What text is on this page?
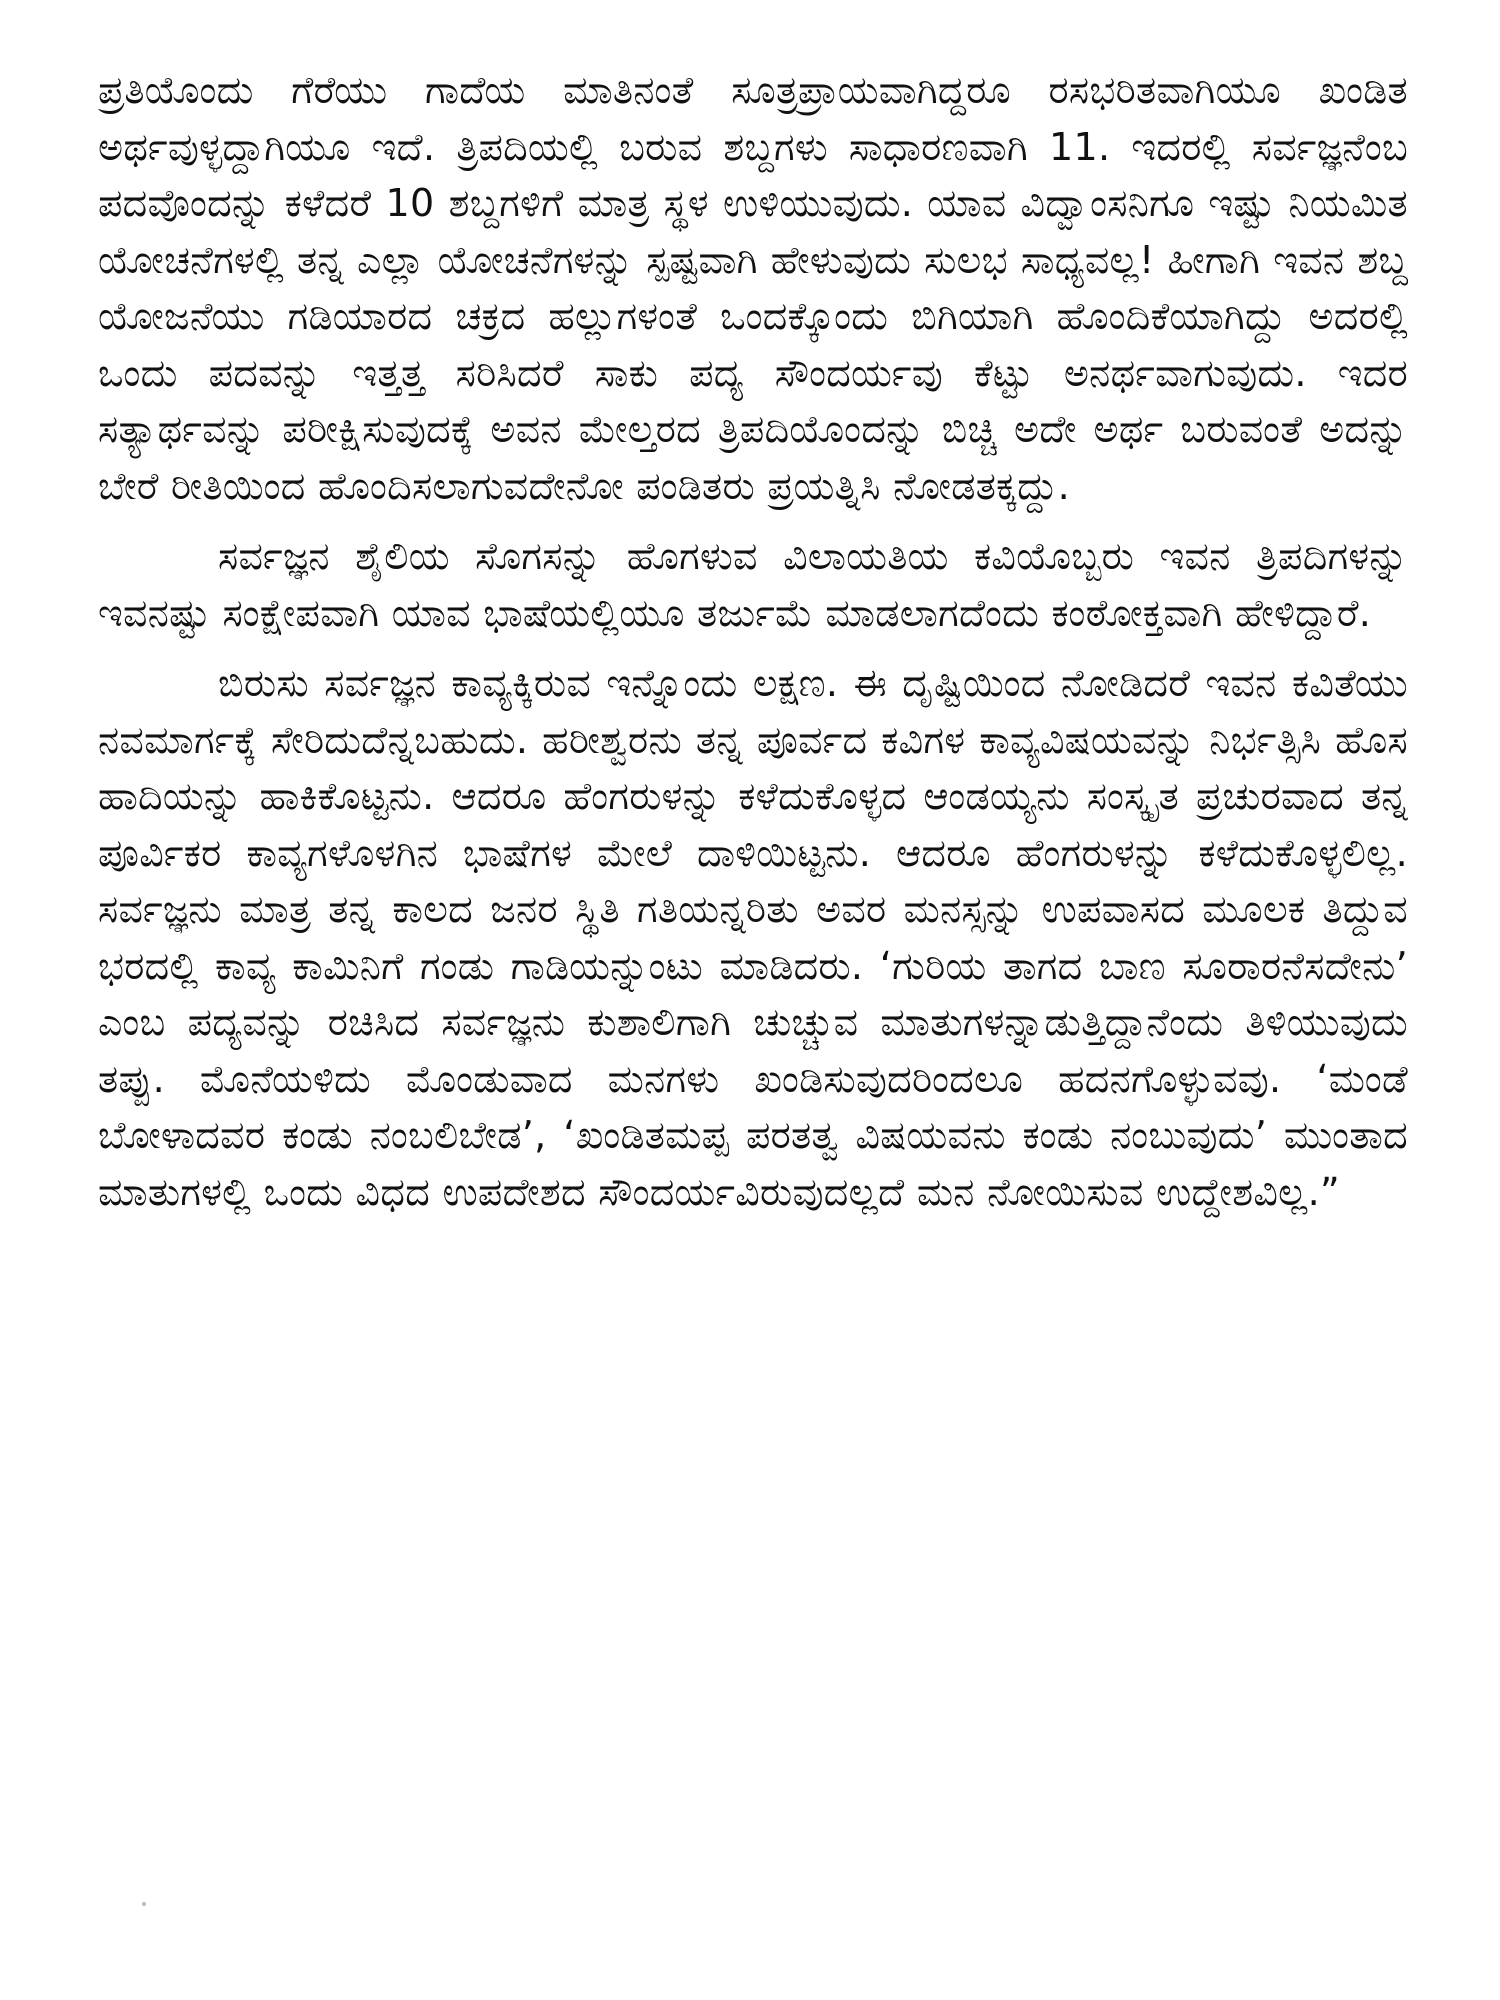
ಪ್ರತಿಯೊಂದು ಗೆರೆಯು ಗಾದೆಯ ಮಾತಿನಂತೆ ಸೂತ್ರಪ್ರಾಯವಾಗಿದ್ದರೂ ರಸಭರಿತವಾಗಿಯೂ ಖಂಡಿತ ಅರ್ಥವುಳ್ಳದ್ದಾಗಿಯೂ ಇದೆ. ತ್ರಿಪದಿಯಲ್ಲಿ ಬರುವ ಶಬ್ದಗಳು ಸಾಧಾರಣವಾಗಿ 11. ಇದರಲ್ಲಿ ಸರ್ವಜ್ಞನೆಂಬ ಪದವೊಂದನ್ನು ಕಳೆದರೆ 10 ಶಬ್ದಗಳಿಗೆ ಮಾತ್ರ ಸ್ಥಳ ಉಳಿಯುವುದು. ಯಾವ ವಿದ್ವಾಂಸನಿಗೂ ಇಷ್ಟು ನಿಯಮಿತ ಯೋಚನೆಗಳಲ್ಲಿ ತನ್ನ ಎಲ್ಲಾ ಯೋಚನೆಗಳನ್ನು ಸ್ಪಷ್ಟವಾಗಿ ಹೇಳುವುದು ಸುಲಭ ಸಾಧ್ಯವಲ್ಲ! ಹೀಗಾಗಿ ಇವನ ಶಬ್ದ ಯೋಜನೆಯು ಗಡಿಯಾರದ ಚಕ್ರದ ಹಲ್ಲುಗಳಂತೆ ಒಂದಕ್ಕೊಂದು ಬಿಗಿಯಾಗಿ ಹೊಂದಿಕೆಯಾಗಿದ್ದು ಅದರಲ್ಲಿ ಒಂದು ಪದವನ್ನು ಇತ್ತತ್ತ ಸರಿಸಿದರೆ ಸಾಕು ಪದ್ಯ ಸೌಂದರ್ಯವು ಕೆಟ್ಟು ಅನರ್ಥವಾಗುವುದು. ಇದರ ಸತ್ಯಾರ್ಥವನ್ನು ಪರೀಕ್ಷಿಸುವುದಕ್ಕೆ ಅವನ ಮೇಲ್ತರದ ತ್ರಿಪದಿಯೊಂದನ್ನು ಬಿಚ್ಚಿ ಅದೇ ಅರ್ಥ ಬರುವಂತೆ ಅದನ್ನು ಬೇರೆ ರೀತಿಯಿಂದ ಹೊಂದಿಸಲಾಗುವದೇನೋ ಪಂಡಿತರು ಪ್ರಯತ್ನಿಸಿ ನೋಡತಕ್ಕದ್ದು.

ಸರ್ವಜ್ಞನ ಶೈಲಿಯ ಸೊಗಸನ್ನು ಹೊಗಳುವ ವಿಲಾಯತಿಯ ಕವಿಯೊಬ್ಬರು ಇವನ ತ್ರಿಪದಿಗಳನ್ನು ಇವನಷ್ಟು ಸಂಕ್ಷೇಪವಾಗಿ ಯಾವ ಭಾಷೆಯಲ್ಲಿಯೂ ತರ್ಜುಮೆ ಮಾಡಲಾಗದೆಂದು ಕಂಠೋಕ್ತವಾಗಿ ಹೇಳಿದ್ದಾರೆ.

ಬಿರುಸು ಸರ್ವಜ್ಞನ ಕಾವ್ಯಕ್ಕಿರುವ ಇನ್ನೊಂದು ಲಕ್ಷಣ. ಈ ದೃಷ್ಟಿಯಿಂದ ನೋಡಿದರೆ ಇವನ ಕವಿತೆಯು ನವಮಾರ್ಗಕ್ಕೆ ಸೇರಿದುದೆನ್ನಬಹುದು. ಹರೀಶ್ವರನು ತನ್ನ ಪೂರ್ವದ ಕವಿಗಳ ಕಾವ್ಯವಿಷಯವನ್ನು ನಿರ್ಭತ್ಸಿಸಿ ಹೊಸ ಹಾದಿಯನ್ನು ಹಾಕಿಕೊಟ್ಟನು. ಆದರೂ ಹೆಂಗರುಳನ್ನು ಕಳೆದುಕೊಳ್ಳದ ಆಂಡಯ್ಯನು ಸಂಸ್ಕೃತ ಪ್ರಚುರವಾದ ತನ್ನ ಪೂರ್ವಿಕರ ಕಾವ್ಯಗಳೊಳಗಿನ ಭಾಷೆಗಳ ಮೇಲೆ ದಾಳಿಯಿಟ್ಟನು. ಆದರೂ ಹೆಂಗರುಳನ್ನು ಕಳೆದುಕೊಳ್ಳಲಿಲ್ಲ. ಸರ್ವಜ್ಞನು ಮಾತ್ರ ತನ್ನ ಕಾಲದ ಜನರ ಸ್ಥಿತಿ ಗತಿಯನ್ನರಿತು ಅವರ ಮನಸ್ಸನ್ನು ಉಪವಾಸದ ಮೂಲಕ ತಿದ್ದುವ ಭರದಲ್ಲಿ ಕಾವ್ಯ ಕಾಮಿನಿಗೆ ಗಂಡು ಗಾಡಿಯನ್ನುಂಟು ಮಾಡಿದರು. ‘ಗುರಿಯ ತಾಗದ ಬಾಣ ಸೂರಾರನೆಸದೇನು’ ಎಂಬ ಪದ್ಯವನ್ನು ರಚಿಸಿದ ಸರ್ವಜ್ಞನು ಕುಶಾಲಿಗಾಗಿ ಚುಚ್ಚುವ ಮಾತುಗಳನ್ನಾಡುತ್ತಿದ್ದಾನೆಂದು ತಿಳಿಯುವುದು ತಪ್ಪು. ಮೊನೆಯಳಿದು ಮೊಂಡುವಾದ ಮನಗಳು ಖಂಡಿಸುವುದರಿಂದಲೂ ಹದನಗೊಳ್ಳುವವು. ‘ಮಂಡೆ ಬೋಳಾದವರ ಕಂಡು ನಂಬಲಿಬೇಡ’, ‘ಖಂಡಿತಮಪ್ಪ ಪರತತ್ವ ವಿಷಯವನು ಕಂಡು ನಂಬುವುದು’ ಮುಂತಾದ ಮಾತುಗಳಲ್ಲಿ ಒಂದು ವಿಧದ ಉಪದೇಶದ ಸೌಂದರ್ಯವಿರುವುದಲ್ಲದೆ ಮನ ನೋಯಿಸುವ ಉದ್ದೇಶವಿಲ್ಲ.”
